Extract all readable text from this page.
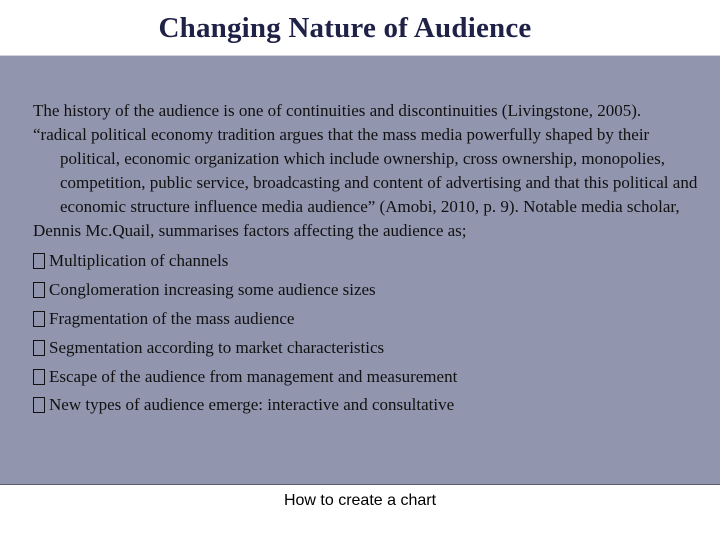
Changing Nature of Audience

The history of the audience is one of continuities and discontinuities (Livingstone, 2005).

“radical political economy tradition argues that the mass media powerfully shaped by their political, economic organization which include ownership, cross ownership, monopolies, competition, public service, broadcasting and content of advertising and that this political and economic structure influence media audience” (Amobi, 2010, p. 9). Notable media scholar,

Dennis Mc.Quail, summarises factors affecting the audience as;

Multiplication of channels
Conglomeration increasing some audience sizes
Fragmentation of the mass audience
Segmentation according to market characteristics
Escape of the audience from management and measurement
New types of audience emerge: interactive and consultative
How to create a chart
